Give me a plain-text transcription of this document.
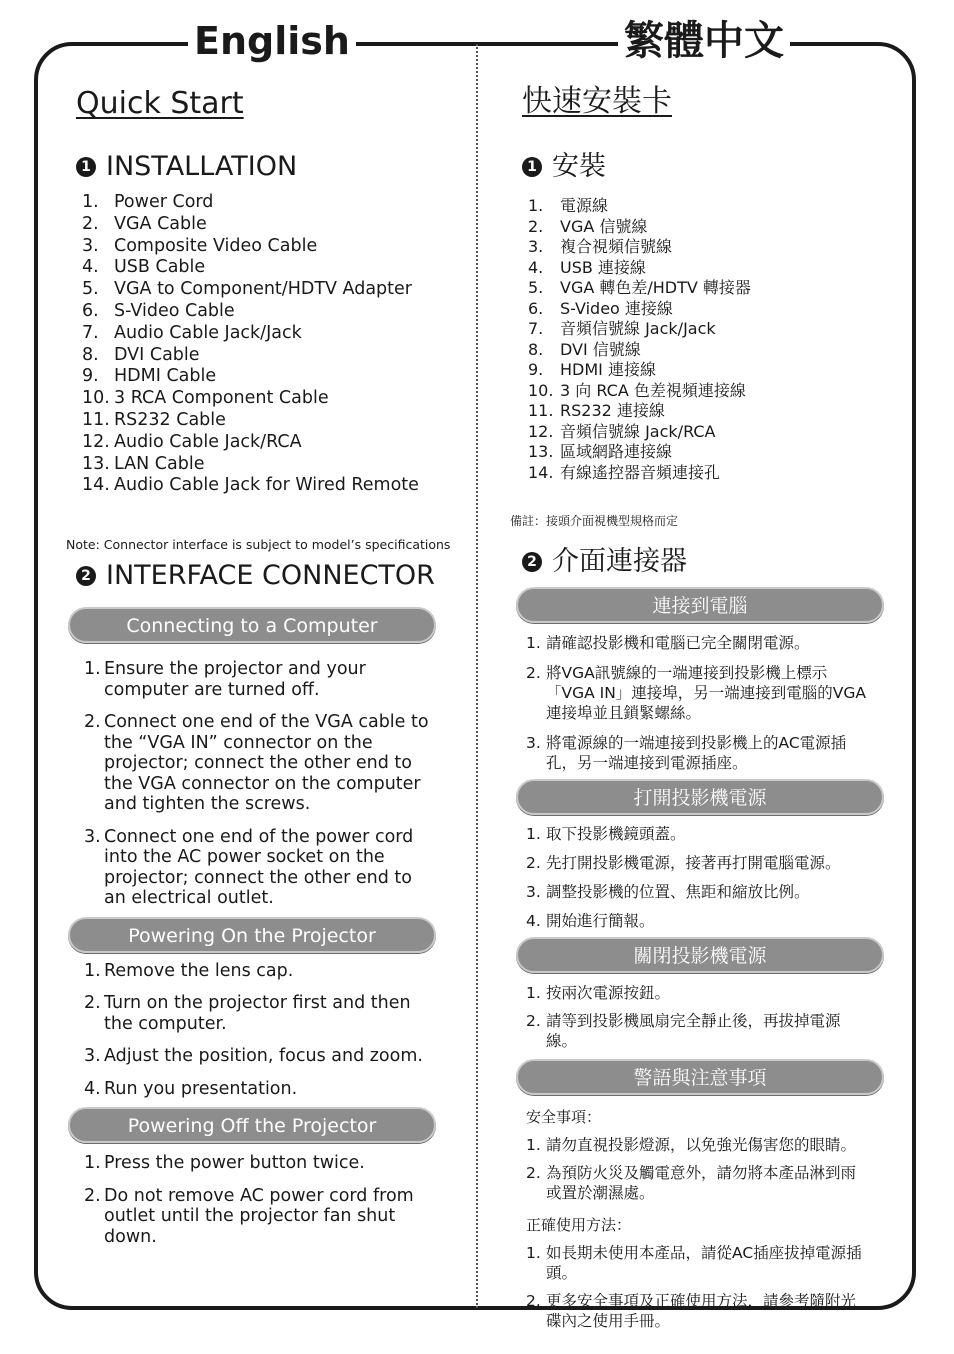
English	繁體中文
Quick Start
1 INSTALLATION
1. Power Cord
2. VGA Cable
3. Composite Video Cable
4. USB Cable
5. VGA to Component/HDTV Adapter
6. S-Video Cable
7. Audio Cable Jack/Jack
8. DVI Cable
9. HDMI Cable
10. 3 RCA Component Cable
11. RS232 Cable
12. Audio Cable Jack/RCA
13. LAN Cable
14. Audio Cable Jack for Wired Remote

Note: Connector interface is subject to model’s specifications

2 INTERFACE CONNECTOR
Connecting to a Computer
1. Ensure the projector and your computer are turned off.
2. Connect one end of the VGA cable to the “VGA IN” connector on the projector; connect the other end to the VGA connector on the computer and tighten the screws.
3. Connect one end of the power cord into the AC power socket on the projector; connect the other end to an electrical outlet.
Powering On the Projector
1. Remove the lens cap.
2. Turn on the projector first and then the computer.
3. Adjust the position, focus and zoom.
4. Run you presentation.
Powering Off the Projector
1. Press the power button twice.
2. Do not remove AC power cord from outlet until the projector fan shut down.
快速安裝卡
1 安裝
1.	電源線
2.	VGA 信號線
3.	複合視頻信號線
4.	USB 連接線
5.	VGA 轉色差/HDTV 轉接器
6.	S-Video 連接線
7.	音頻信號線 Jack/Jack
8.	DVI 信號線
9.	HDMI 連接線
10. 3 向 RCA 色差視頻連接線
11. RS232 連接線
12. 音頻信號線 Jack/RCA
13. 區域網路連接線
14. 有線遙控器音頻連接孔

備註：接頭介面視機型規格而定

2 介面連接器
連接到電腦
1. 請確認投影機和電腦已完全關閉電源。
2. 將VGA訊號線的一端連接到投影機上標示「VGA IN」連接埠，另一端連接到電腦的VGA連接埠並且鎖緊螺絲。
3. 將電源線的一端連接到投影機上的AC電源插孔，另一端連接到電源插座。
打開投影機電源
1. 取下投影機鏡頭蓋。
2. 先打開投影機電源，接著再打開電腦電源。
3. 調整投影機的位置、焦距和縮放比例。
4. 開始進行簡報。
關閉投影機電源
1. 按兩次電源按鈕。
2. 請等到投影機風扇完全靜止後，再拔掉電源線。
警語與注意事項
安全事項：
1. 請勿直視投影燈源，以免強光傷害您的眼睛。
2. 為預防火災及觸電意外，請勿將本產品淋到雨或置於潮濕處。
正確使用方法：
1. 如長期未使用本產品，請從AC插座拔掉電源插頭。
2. 更多安全事項及正確使用方法，請參考隨附光碟內之使用手冊。
